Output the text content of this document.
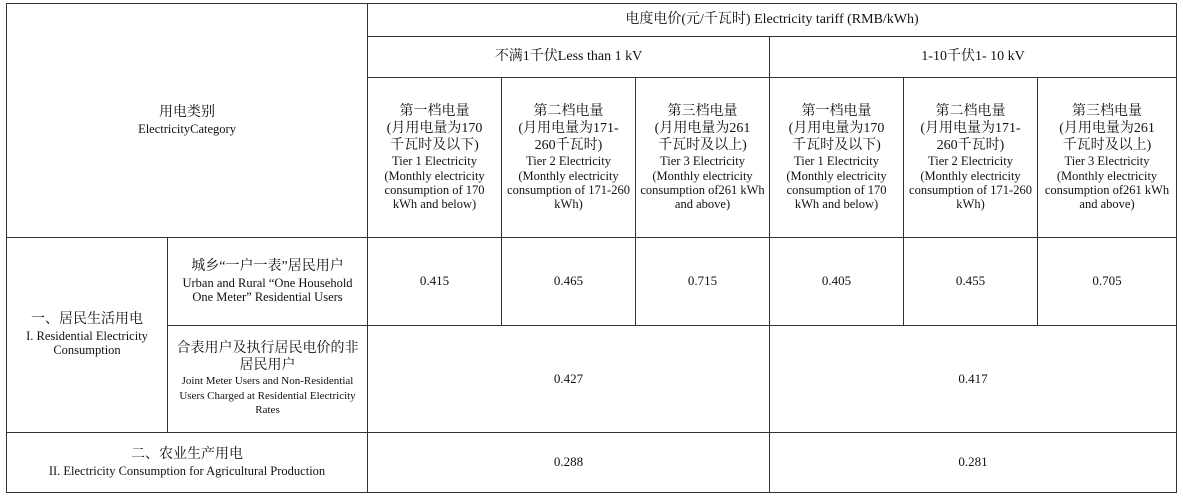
用电类别
ElectricityCategory		电度电价(元/千瓦时) Electricity tariff (RMB/kWh)					

		不满1千伏Less than 1 kV			1-10千伏1- 10 kV		

		第一档电量
(月用电量为170
千瓦时及以下)
Tier 1 Electricity (Monthly electricity consumption of 170 kWh and below)	第二档电量
(月用电量为171-
260千瓦时)
Tier 2 Electricity (Monthly electricity consumption of 171-260 kWh)	第三档电量
(月用电量为261
千瓦时及以上)
Tier 3 Electricity (Monthly electricity consumption of261 kWh and above)	第一档电量
(月用电量为170
千瓦时及以下)
Tier 1 Electricity (Monthly electricity consumption of 170 kWh and below)	第二档电量
(月用电量为171-
260千瓦时)
Tier 2 Electricity (Monthly electricity consumption of 171-260 kWh)	第三档电量
(月用电量为261
千瓦时及以上)
Tier 3 Electricity (Monthly electricity consumption of261 kWh and above)

一、居民生活用电
I. Residential Electricity Consumption	城乡“一户一表”居民用户
Urban and Rural “One Household One Meter” Residential Users	0.415	0.465	0.715	0.405	0.455	0.705

	合表用户及执行居民电价的非居民用户
Joint Meter Users and Non-Residential Users Charged at Residential Electricity Rates	0.427			0.417		

二、农业生产用电
II. Electricity Consumption for Agricultural Production		0.288			0.281		
